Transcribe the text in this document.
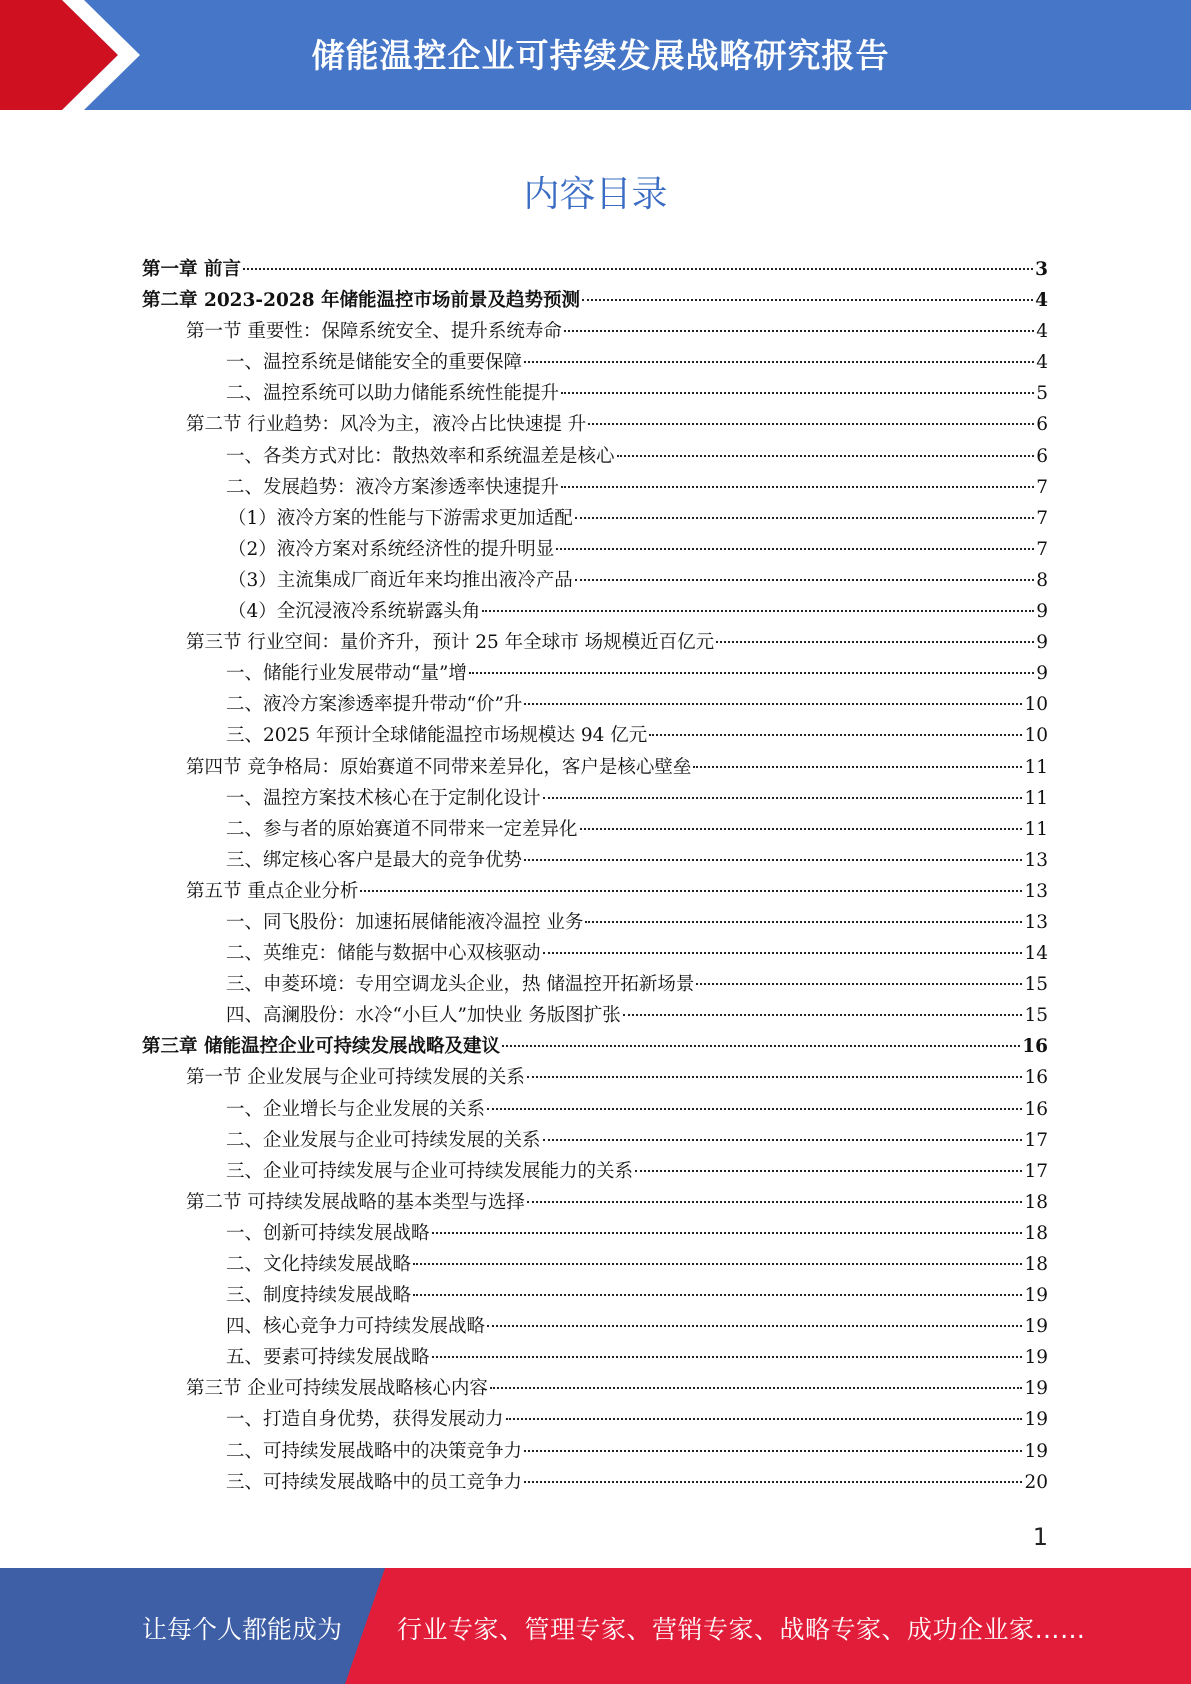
储能温控企业可持续发展战略研究报告
内容目录
第一章 前言	3
第二章 2023-2028 年储能温控市场前景及趋势预测	4
第一节 重要性：保障系统安全、提升系统寿命	4
一、温控系统是储能安全的重要保障	4
二、温控系统可以助力储能系统性能提升	5
第二节 行业趋势：风冷为主，液冷占比快速提 升	6
一、各类方式对比：散热效率和系统温差是核心	6
二、发展趋势：液冷方案渗透率快速提升	7
（1）液冷方案的性能与下游需求更加适配	7
（2）液冷方案对系统经济性的提升明显	7
（3）主流集成厂商近年来均推出液冷产品	8
（4）全沉浸液冷系统崭露头角	9
第三节 行业空间：量价齐升，预计 25 年全球市 场规模近百亿元	9
一、储能行业发展带动“量”增	9
二、液冷方案渗透率提升带动“价”升	10
三、2025 年预计全球储能温控市场规模达 94 亿元	10
第四节 竞争格局：原始赛道不同带来差异化，客户是核心壁垒	11
一、温控方案技术核心在于定制化设计	11
二、参与者的原始赛道不同带来一定差异化	11
三、绑定核心客户是最大的竞争优势	13
第五节 重点企业分析	13
一、同飞股份：加速拓展储能液冷温控 业务	13
二、英维克：储能与数据中心双核驱动	14
三、申菱环境：专用空调龙头企业，热 储温控开拓新场景	15
四、高澜股份：水冷“小巨人”加快业 务版图扩张	15
第三章 储能温控企业可持续发展战略及建议	16
第一节 企业发展与企业可持续发展的关系	16
一、企业增长与企业发展的关系	16
二、企业发展与企业可持续发展的关系	17
三、企业可持续发展与企业可持续发展能力的关系	17
第二节 可持续发展战略的基本类型与选择	18
一、创新可持续发展战略	18
二、文化持续发展战略	18
三、制度持续发展战略	19
四、核心竞争力可持续发展战略	19
五、要素可持续发展战略	19
第三节 企业可持续发展战略核心内容	19
一、打造自身优势，获得发展动力	19
二、可持续发展战略中的决策竞争力	19
三、可持续发展战略中的员工竞争力	20
1
让每个人都能成为 行业专家、管理专家、营销专家、战略专家、成功企业家……
